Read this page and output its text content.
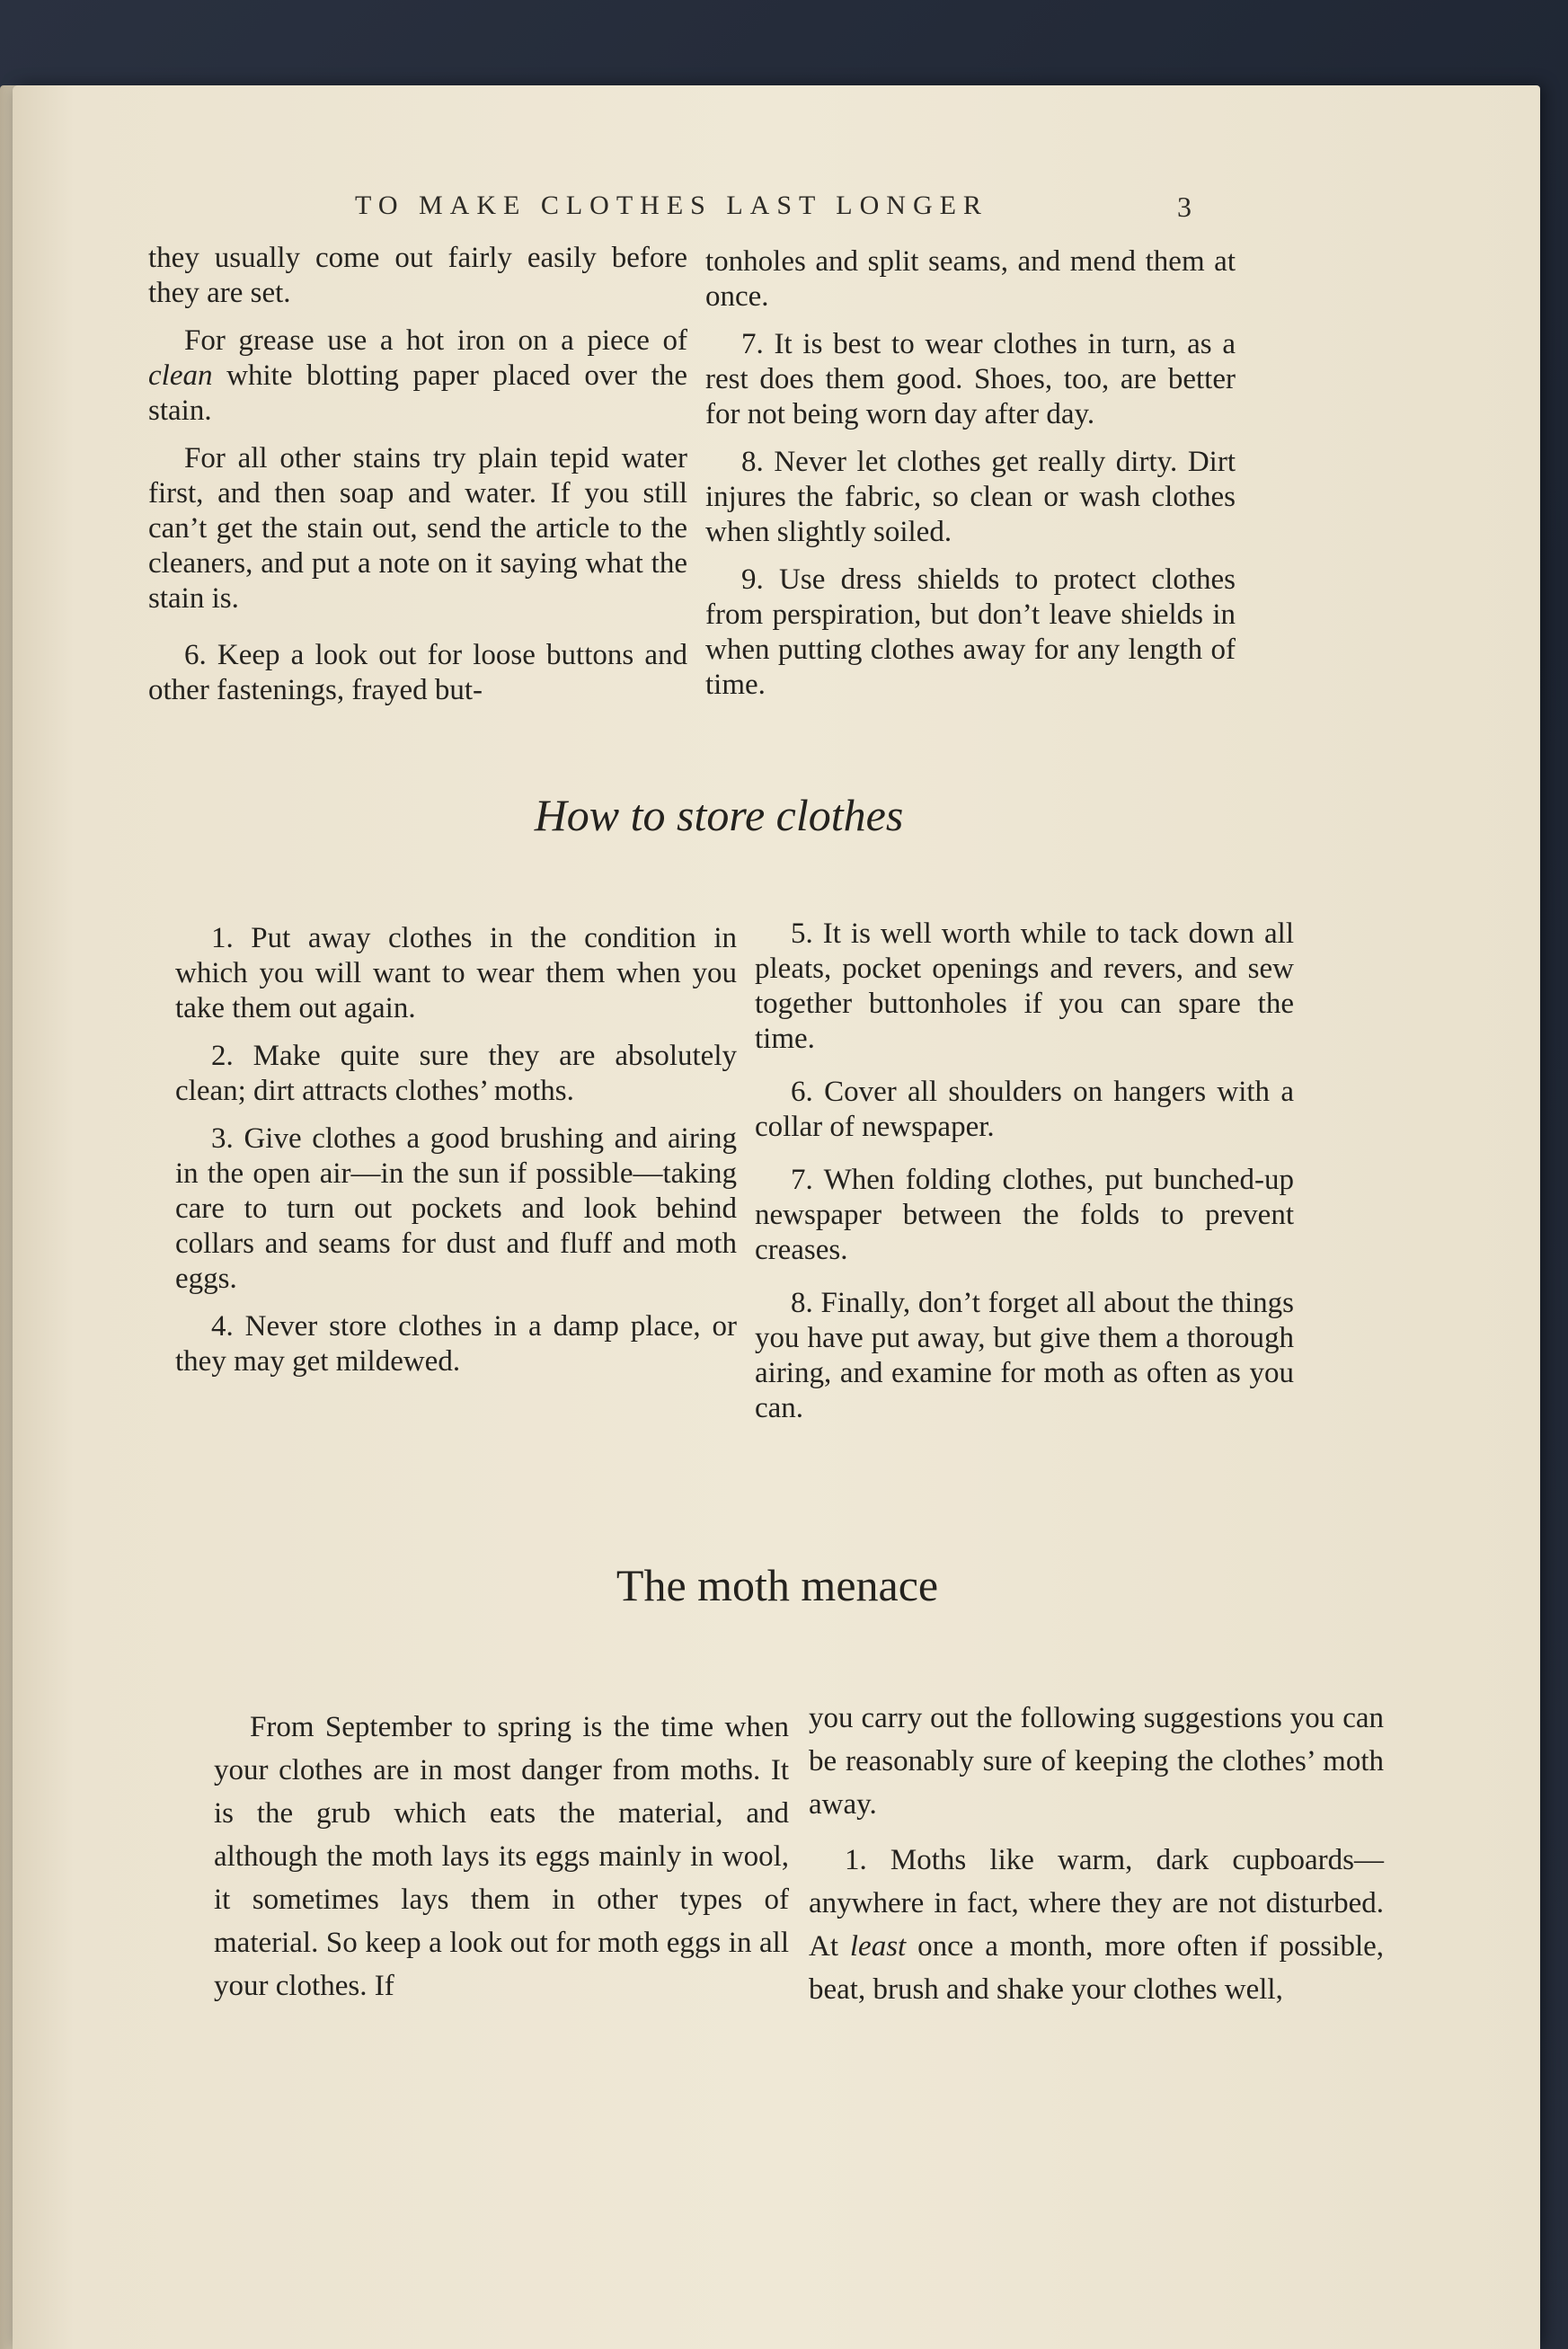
TO MAKE CLOTHES LAST LONGER	3

they usually come out fairly easily before they are set.

For grease use a hot iron on a piece of clean white blotting paper placed over the stain.

For all other stains try plain tepid water first, and then soap and water. If you still can’t get the stain out, send the article to the cleaners, and put a note on it saying what the stain is.

6. Keep a look out for loose buttons and other fastenings, frayed but-

tonholes and split seams, and mend them at once.

7. It is best to wear clothes in turn, as a rest does them good. Shoes, too, are better for not being worn day after day.

8. Never let clothes get really dirty. Dirt injures the fabric, so clean or wash clothes when slightly soiled.

9. Use dress shields to protect clothes from perspiration, but don’t leave shields in when putting clothes away for any length of time.

How to store clothes

1. Put away clothes in the condition in which you will want to wear them when you take them out again.

2. Make quite sure they are absolutely clean; dirt attracts clothes’ moths.

3. Give clothes a good brushing and airing in the open air—in the sun if possible—taking care to turn out pockets and look behind collars and seams for dust and fluff and moth eggs.

4. Never store clothes in a damp place, or they may get mildewed.

5. It is well worth while to tack down all pleats, pocket openings and revers, and sew together buttonholes if you can spare the time.

6. Cover all shoulders on hangers with a collar of newspaper.

7. When folding clothes, put bunched-up newspaper between the folds to prevent creases.

8. Finally, don’t forget all about the things you have put away, but give them a thorough airing, and examine for moth as often as you can.

The moth menace

From September to spring is the time when your clothes are in most danger from moths. It is the grub which eats the material, and although the moth lays its eggs mainly in wool, it sometimes lays them in other types of material. So keep a look out for moth eggs in all your clothes. If

you carry out the following suggestions you can be reasonably sure of keeping the clothes’ moth away.

1. Moths like warm, dark cupboards—anywhere in fact, where they are not disturbed. At least once a month, more often if possible, beat, brush and shake your clothes well,
